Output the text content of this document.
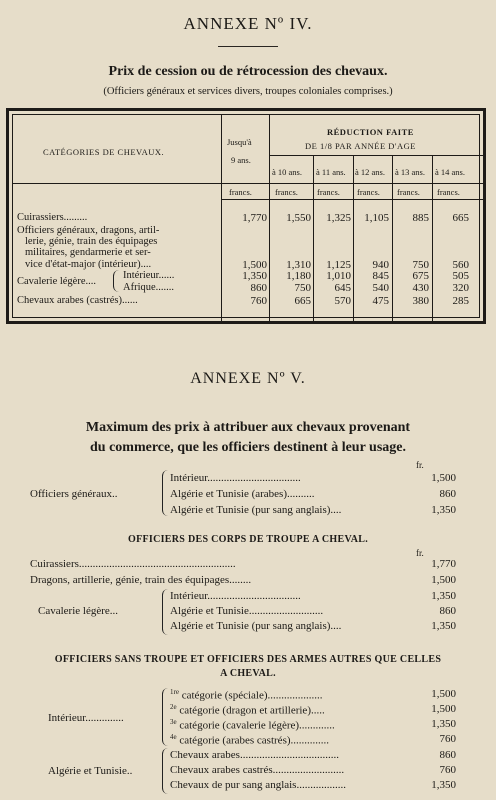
ANNEXE Nº IV.
Prix de cession ou de rétrocession des chevaux.
(Officiers généraux et services divers, troupes coloniales comprises.)
CATÉGORIES DE CHEVAUX.
Jusqu'à
9 ans.
RÉDUCTION FAITE
DE 1/8 PAR ANNÉE D'AGE
à 10 ans. à 11 ans. à 12 ans. à 13 ans. à 14 ans.
francs.	francs. francs. francs. francs. francs.
Cuirassiers.........	1,770	1,550	1,325	1,105	885	665
Officiers généraux, dragons, artil-
lerie, génie, train des équipages
militaires, gendarmerie et ser-
vice d'état-major (intérieur)....	1,500	1,310	1,125	940	750	560
Cavalerie légère....
Intérieur......	1,350	1,180	1,010	845	675	505
Afrique.......	860	750	645	540	430	320
Chevaux arabes (castrés)......	760	665	570	475	380	285
ANNEXE Nº V.
Maximum des prix à attribuer aux chevaux provenant
du commerce, que les officiers destinent à leur usage.
fr.
Officiers généraux..
Intérieur..................................	1,500
Algérie et Tunisie (arabes)..........	860
Algérie et Tunisie (pur sang anglais)....	1,350
OFFICIERS DES CORPS DE TROUPE A CHEVAL.
fr.
Cuirassiers.........................................................	1,770
Dragons, artillerie, génie, train des équipages........	1,500
Cavalerie légère...
Intérieur..................................	1,350
Algérie et Tunisie...........................	860
Algérie et Tunisie (pur sang anglais)....	1,350
OFFICIERS SANS TROUPE ET OFFICIERS DES ARMES AUTRES QUE CELLES
A CHEVAL.
Intérieur..............
$^{1re}$ catégorie (spéciale)....................	1,500
$^{2e}$ catégorie (dragon et artillerie).....	1,500
$^{3e}$ catégorie (cavalerie légère).............	1,350
$^{4e}$ catégorie (arabes castrés)..............	760
Algérie et Tunisie..
Chevaux arabes....................................	860
Chevaux arabes castrés..........................	760
Chevaux de pur sang anglais..................	1,350
